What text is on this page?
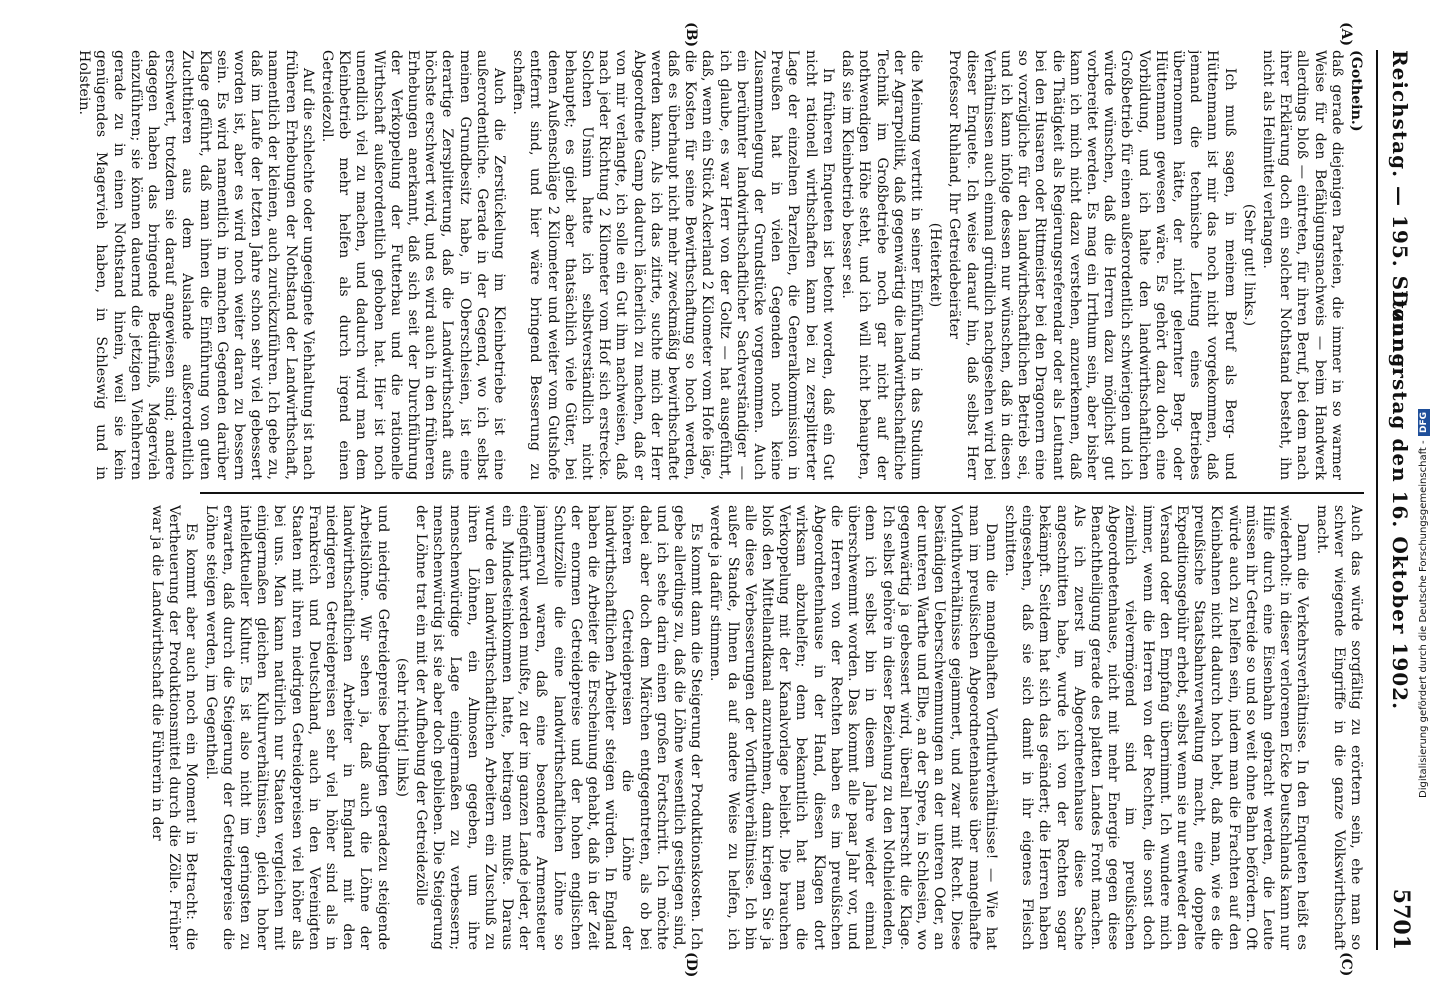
Reichstag. — 195. Sitzung.
Donnerstag den 16. Oktober 1902.
5701
(Gothein.)

daß gerade diejenigen Parteien, die immer in so warmer Weise für den Befähigungsnachweis — beim Handwerk allerdings bloß — eintreten, für ihren Beruf, bei dem nach ihrer Erklärung doch ein solcher Nothstand besteht, ihn nicht als Heilmittel verlangen.

(Sehr gut! links.)

Ich muß sagen, in meinem Beruf als Berg- und Hüttenmann ist mir das noch nicht vorgekommen, daß jemand die technische Leitung eines Betriebes übernommen hätte, der nicht gelernter Berg- oder Hüttenmann gewesen wäre. Es gehört dazu doch eine Vorbildung, und ich halte den landwirthschaftlichen Großbetrieb für einen außerordentlich schwierigen und ich würde wünschen, daß die Herren dazu möglichst gut vorbereitet werden. Es mag ein Irrthum sein, aber bisher kann ich mich nicht dazu verstehen, anzuerkennen, daß die Thätigkeit als Regierungsreferendar oder als Leutnant bei den Husaren oder Rittmeister bei den Dragonern eine so vorzügliche für den landwirthschaftlichen Betrieb sei, und ich kann infolge dessen nur wünschen, daß in diesen Verhältnissen auch einmal gründlich nachgesehen wird bei dieser Enquete. Ich weise darauf hin, daß selbst Herr Professor Ruhland, Ihr Getreidebeiräter

(Heiterkeit)

die Meinung vertritt in seiner Einführung in das Studium der Agrarpolitik, daß gegenwärtig die landwirthschaftliche Technik im Großbetriebe noch gar nicht auf der nothwendigen Höhe steht, und ich will nicht behaupten, daß sie im Kleinbetrieb besser sei.

In früheren Enqueten ist betont worden, daß ein Gut nicht rationell wirthschaften kann bei zu zersplitterter Lage der einzelnen Parzellen, die Generalkommission in Preußen hat in vielen Gegenden noch keine Zusammenlegung der Grundstücke vorgenommen. Auch ein berühmter landwirthschaftlicher Sachverständiger — ich glaube, es war Herr von der Goltz — hat ausgeführt, daß, wenn ein Stück Ackerland 2 Kilometer vom Hofe läge, die Kosten für seine Bewirthschaftung so hoch werden, daß es überhaupt nicht mehr zweckmäßig bewirthschaftet werden kann. Als ich das zitirte, suchte mich der Herr Abgeordnete Gamp dadurch lächerlich zu machen, daß er von mir verlangte, ich solle ein Gut ihm nachweisen, daß nach jeder Richtung 2 Kilometer vom Hof sich erstrecke. Solchen Unsinn hatte ich selbstverständlich nicht behauptet; es giebt aber thatsächlich viele Güter, bei denen Außenschläge 2 Kilometer und weiter vom Gutshofe entfernt sind, und hier wäre bringend Besserung zu schaffen.

Auch die Zerstückelung im Kleinbetriebe ist eine außerordentliche. Gerade in der Gegend, wo ich selbst meinen Grundbesitz habe, in Oberschlesien, ist eine derartige Zersplitterung, daß die Landwirthschaft aufs höchste erschwert wird, und es wird auch in den früheren Erhebungen anerkannt, daß sich seit der Durchführung der Verkoppelung der Futterbau und die rationelle Wirthschaft außerordentlich gehoben hat. Hier ist noch unendlich viel zu machen, und dadurch wird man dem Kleinbetrieb mehr helfen als durch irgend einen Getreidezoll.

Auf die schlechte oder ungeeignete Viehhaltung ist nach früheren Erhebungen der Nothstand der Landwirthschaft, namentlich der kleinen, auch zurückzuführen. Ich gebe zu, daß im Laufe der letzten Jahre schon sehr viel gebessert worden ist, aber es wird noch weiter daran zu bessern sein. Es wird namentlich in manchen Gegenden darüber Klage geführt, daß man ihnen die Einführung von guten Zuchtthieren aus dem Auslande außerordentlich erschwert, trotzdem sie darauf angewiesen sind; andere dagegen haben das bringende Bedürfniß, Magervieh einzuführen; sie können dauernd die jetzigen Viehherren gerade zu in einen Nothstand hinein, weil sie kein genügendes Magervieh haben, in Schleswig und in Holstein.

Auch das würde sorgfältig zu erörtern sein, ehe man so schwer wiegende Eingriffe in die ganze Volkswirthschaft macht.

Dann die Verkehrsverhältnisse. In den Enqueten heißt es wiederholt: in dieser verlorenen Ecke Deutschlands kann nur Hilfe durch eine Eisenbahn gebracht werden, die Leute müssen ihr Getreide so und so weit ohne Bahn befördern. Oft würde auch zu helfen sein, indem man die Frachten auf den Kleinbahnen nicht dadurch hoch hebt, daß man, wie es die preußische Staatsbahnverwaltung macht, eine doppelte Expeditionsgebühr erhebt, selbst wenn sie nur entweder den Versand oder den Empfang übernimmt. Ich wundere mich immer, wenn die Herren von der Rechten, die sonst doch ziemlich vielvermögend sind im preußischen Abgeordnetenhause, nicht mit mehr Energie gegen diese Benachtheiligung gerade des platten Landes Front machen. Als ich zuerst im Abgeordnetenhause diese Sache angeschnitten habe, wurde ich von der Rechten sogar bekämpft. Seitdem hat sich das geändert; die Herren haben eingesehen, daß sie sich damit in ihr eigenes Fleisch schnitten.

Dann die mangelhaften Vorfluthverhältnisse! — Wie hat man im preußischen Abgeordnetenhause über mangelhafte Vorfluthverhältnisse gejammert, und zwar mit Recht. Diese beständigen Ueberschwemmungen an der unteren Oder, an der unteren Warthe und Elbe, an der Spree, in Schlesien, wo gegenwärtig ja gebessert wird, überall herrscht die Klage. Ich selbst gehöre in dieser Beziehung zu den Nothleidenden, denn ich selbst bin in diesem Jahre wieder einmal überschwemmt worden. Das kommt alle paar Jahr vor, und die Herren von der Rechten haben es im preußischen Abgeordnetenhause in der Hand, diesen Klagen dort wirksam abzuhelfen; denn bekanntlich hat man die Verkoppelung mit der Kanalvorlage beliebt. Die brauchen bloß den Mittellandkanal anzunehmen, dann kriegen Sie ja alle diese Verbesserungen der Vorfluthverhältnisse. Ich bin außer Stande, Ihnen da auf andere Weise zu helfen, ich werde ja dafür stimmen.

Es kommt dann die Steigerung der Produktionskosten. Ich gebe allerdings zu, daß die Löhne wesentlich gestiegen sind, und ich sehe darin einen großen Fortschritt. Ich möchte dabei aber doch dem Märchen entgegentreten, als ob bei höheren Getreidepreisen die Löhne der landwirthschaftlichen Arbeiter steigen würden. In England haben die Arbeiter die Erscheinung gehabt, daß in der Zeit der enormen Getreidepreise und der hohen englischen Schutzzölle die eine landwirthschaftlichen Löhne so jammervoll waren, daß eine besondere Armensteuer eingeführt werden mußte, zu der im ganzen Lande jeder, der ein Mindesteinkommen hatte, beitragen mußte. Daraus wurde den landwirthschaftlichen Arbeitern ein Zuschuß zu ihren Löhnen, ein Almosen gegeben, um ihre menschenwürdige Lage einigermaßen zu verbessern; menschenwürdig ist sie aber doch geblieben. Die Steigerung der Löhne trat ein mit der Aufhebung der Getreidezölle

(sehr richtig! links)

und niedrige Getreidepreise bedingten geradezu steigende Arbeitslöhne. Wir sehen ja, daß auch die Löhne der landwirthschaftlichen Arbeiter in England mit den niedrigeren Getreidepreisen sehr viel höher sind als in Frankreich und Deutschland, auch in den Vereinigten Staaten mit ihren niedrigen Getreidepreisen viel höher als bei uns. Man kann natürlich nur Staaten vergleichen mit einigermaßen gleichen Kulturverhältnissen, gleich hoher intellektueller Kultur. Es ist also nicht im geringsten zu erwarten, daß durch die Steigerung der Getreidepreise die Löhne steigen werden, im Gegentheil.

Es kommt aber auch noch ein Moment in Betracht: die Vertheuerung der Produktionsmittel durch die Zölle. Früher war ja die Landwirthschaft die Führerin in der

(A)
(B)
(C)
(D)
Digitalisierung gefördert durch die Deutsche Forschungsgemeinschaft -
DFG
